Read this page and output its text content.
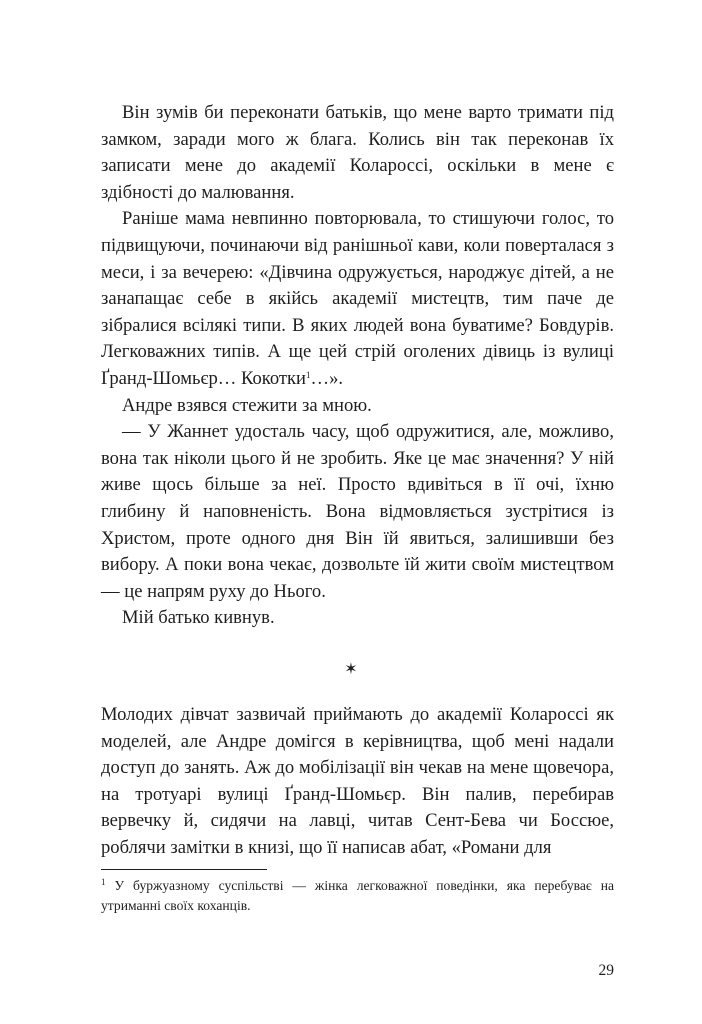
Він зумів би переконати батьків, що мене варто тримати під замком, заради мого ж блага. Колись він так переконав їх записати мене до академії Колароссі, оскільки в мене є здібності до малювання.

Раніше мама невпинно повторювала, то стишуючи голос, то підвищуючи, починаючи від ранішньої кави, коли поверталася з меси, і за вечерею: «Дівчина одружується, народжує дітей, а не занапащає себе в якійсь академії мистецтв, тим паче де зібралися всілякі типи. В яких людей вона буватиме? Бовдурів. Легковажних типів. А ще цей стрій оголених дівиць із вулиці Ґранд-Шомьєр… Кокотки$^1$…».

Андре взявся стежити за мною.

— У Жаннет удосталь часу, щоб одружитися, але, можливо, вона так ніколи цього й не зробить. Яке це має значення? У ній живе щось більше за неї. Просто вдивіться в її очі, їхню глибину й наповненість. Вона відмовляється зустрітися із Христом, проте одного дня Він їй явиться, залишивши без вибору. А поки вона чекає, дозвольте їй жити своїм мистецтвом — це напрям руху до Нього.

Мій батько кивнув.

✶

Молодих дівчат зазвичай приймають до академії Колароссі як моделей, але Андре домігся в керівництва, щоб мені надали доступ до занять. Аж до мобілізації він чекав на мене щовечора, на тротуарі вулиці Ґранд-Шомьєр. Він палив, перебирав вервечку й, сидячи на лавці, читав Сент-Бева чи Боссюе, роблячи замітки в книзі, що її написав абат, «Романи для

$^1$ У буржуазному суспільстві — жінка легковажної поведінки, яка перебуває на утриманні своїх коханців.
29
